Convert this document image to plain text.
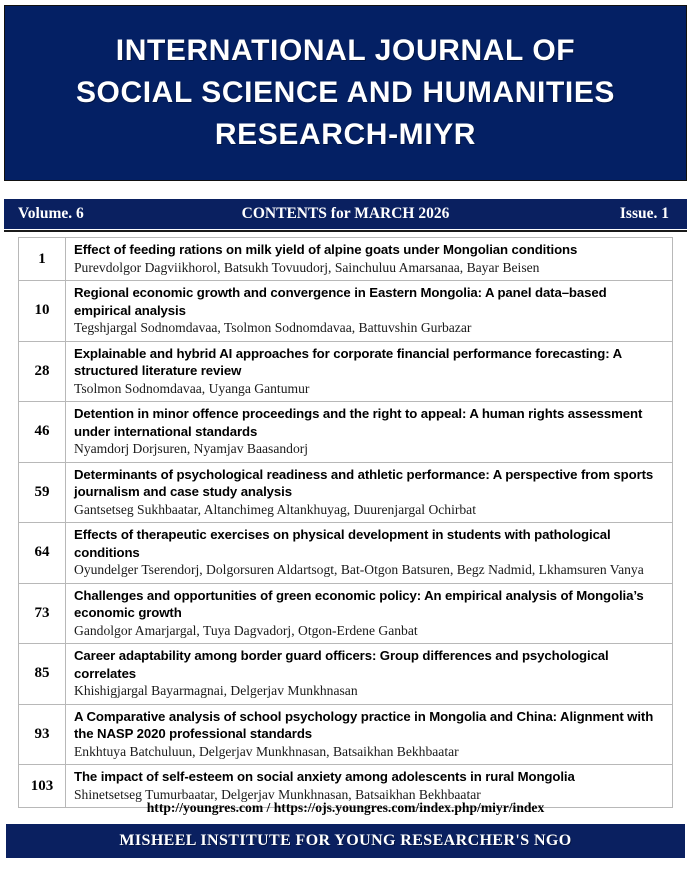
INTERNATIONAL JOURNAL OF
SOCIAL SCIENCE AND HUMANITIES
RESEARCH-MIYR
Volume. 6	CONTENTS for MARCH 2026	Issue. 1
1	Effect of feeding rations on milk yield of alpine goats under Mongolian conditions
Purevdolgor Dagviikhorol, Batsukh Tovuudorj, Sainchuluu Amarsanaa, Bayar Beisen

10	Regional economic growth and convergence in Eastern Mongolia: A panel data–based empirical analysis
Tegshjargal Sodnomdavaa, Tsolmon Sodnomdavaa, Battuvshin Gurbazar

28	Explainable and hybrid AI approaches for corporate financial performance forecasting: A structured literature review
Tsolmon Sodnomdavaa, Uyanga Gantumur

46	Detention in minor offence proceedings and the right to appeal: A human rights assessment under international standards
Nyamdorj Dorjsuren, Nyamjav Baasandorj

59	Determinants of psychological readiness and athletic performance: A perspective from sports journalism and case study analysis
Gantsetseg Sukhbaatar, Altanchimeg Altankhuyag, Duurenjargal Ochirbat

64	Effects of therapeutic exercises on physical development in students with pathological conditions
Oyundelger Tserendorj, Dolgorsuren Aldartsogt, Bat-Otgon Batsuren, Begz Nadmid, Lkhamsuren Vanya

73	Challenges and opportunities of green economic policy: An empirical analysis of Mongolia’s economic growth
Gandolgor Amarjargal, Tuya Dagvadorj, Otgon-Erdene Ganbat

85	Career adaptability among border guard officers: Group differences and psychological correlates
Khishigjargal Bayarmagnai, Delgerjav Munkhnasan

93	A Comparative analysis of school psychology practice in Mongolia and China: Alignment with the NASP 2020 professional standards
Enkhtuya Batchuluun, Delgerjav Munkhnasan, Batsaikhan Bekhbaatar

103	The impact of self-esteem on social anxiety among adolescents in rural Mongolia
Shinetsetseg Tumurbaatar, Delgerjav Munkhnasan, Batsaikhan Bekhbaatar
http://youngres.com / https://ojs.youngres.com/index.php/miyr/index
MISHEEL INSTITUTE FOR YOUNG RESEARCHER'S NGO
